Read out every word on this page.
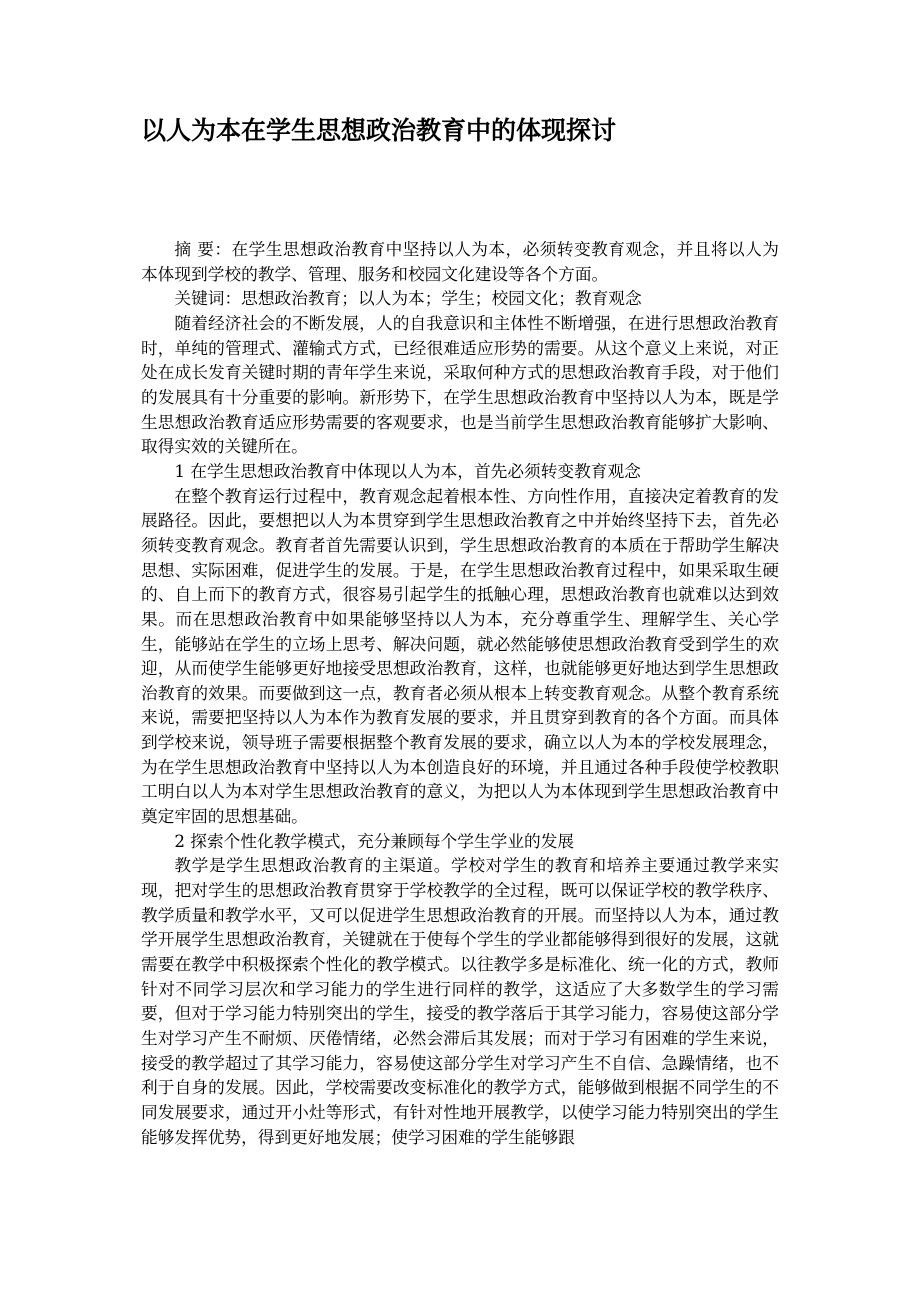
以人为本在学生思想政治教育中的体现探讨

摘 要：在学生思想政治教育中坚持以人为本，必须转变教育观念，并且将以人为本体现到学校的教学、管理、服务和校园文化建设等各个方面。

关键词：思想政治教育；以人为本；学生；校园文化；教育观念

随着经济社会的不断发展，人的自我意识和主体性不断增强，在进行思想政治教育时，单纯的管理式、灌输式方式，已经很难适应形势的需要。从这个意义上来说，对正处在成长发育关键时期的青年学生来说，采取何种方式的思想政治教育手段，对于他们的发展具有十分重要的影响。新形势下，在学生思想政治教育中坚持以人为本，既是学生思想政治教育适应形势需要的客观要求，也是当前学生思想政治教育能够扩大影响、取得实效的关键所在。

1 在学生思想政治教育中体现以人为本，首先必须转变教育观念

在整个教育运行过程中，教育观念起着根本性、方向性作用，直接决定着教育的发展路径。因此，要想把以人为本贯穿到学生思想政治教育之中并始终坚持下去，首先必须转变教育观念。教育者首先需要认识到，学生思想政治教育的本质在于帮助学生解决思想、实际困难，促进学生的发展。于是，在学生思想政治教育过程中，如果采取生硬的、自上而下的教育方式，很容易引起学生的抵触心理，思想政治教育也就难以达到效果。而在思想政治教育中如果能够坚持以人为本，充分尊重学生、理解学生、关心学生，能够站在学生的立场上思考、解决问题，就必然能够使思想政治教育受到学生的欢迎，从而使学生能够更好地接受思想政治教育，这样，也就能够更好地达到学生思想政治教育的效果。而要做到这一点，教育者必须从根本上转变教育观念。从整个教育系统来说，需要把坚持以人为本作为教育发展的要求，并且贯穿到教育的各个方面。而具体到学校来说，领导班子需要根据整个教育发展的要求，确立以人为本的学校发展理念，为在学生思想政治教育中坚持以人为本创造良好的环境，并且通过各种手段使学校教职工明白以人为本对学生思想政治教育的意义，为把以人为本体现到学生思想政治教育中奠定牢固的思想基础。

2 探索个性化教学模式，充分兼顾每个学生学业的发展

教学是学生思想政治教育的主渠道。学校对学生的教育和培养主要通过教学来实现，把对学生的思想政治教育贯穿于学校教学的全过程，既可以保证学校的教学秩序、教学质量和教学水平，又可以促进学生思想政治教育的开展。而坚持以人为本，通过教学开展学生思想政治教育，关键就在于使每个学生的学业都能够得到很好的发展，这就需要在教学中积极探索个性化的教学模式。以往教学多是标准化、统一化的方式，教师针对不同学习层次和学习能力的学生进行同样的教学，这适应了大多数学生的学习需要，但对于学习能力特别突出的学生，接受的教学落后于其学习能力，容易使这部分学生对学习产生不耐烦、厌倦情绪，必然会滞后其发展；而对于学习有困难的学生来说，接受的教学超过了其学习能力，容易使这部分学生对学习产生不自信、急躁情绪，也不利于自身的发展。因此，学校需要改变标准化的教学方式，能够做到根据不同学生的不同发展要求，通过开小灶等形式，有针对性地开展教学，以使学习能力特别突出的学生能够发挥优势，得到更好地发展；使学习困难的学生能够跟
